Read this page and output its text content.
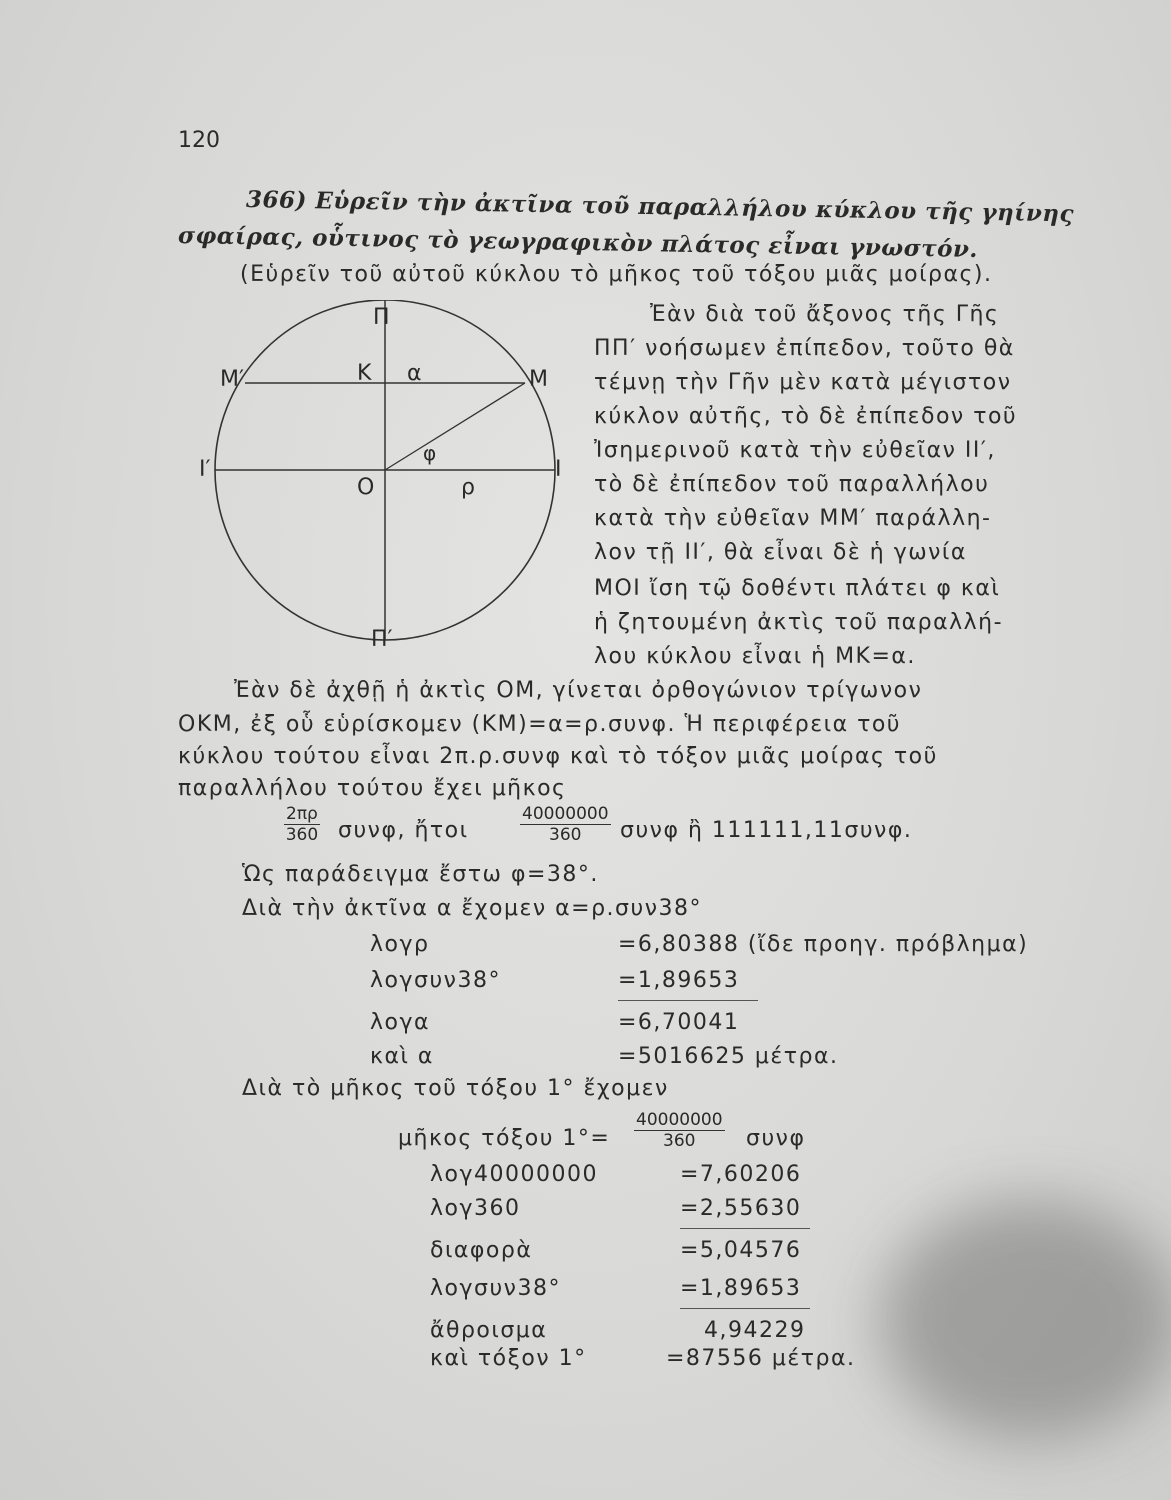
120
366) Εὑρεῖν τὴν ἀκτῖνα τοῦ παραλλήλου κύκλου τῆς γηίνης
σφαίρας, οὗτινος τὸ γεωγραφικὸν πλάτος εἶναι γνωστόν.
(Εὑρεῖν τοῦ αὐτοῦ κύκλου τὸ μῆκος τοῦ τόξου μιᾶς μοίρας).
Π
Π′
Μ′	Κ α	Μ
Ι′	Ι
φ
Ο	ρ
Ἐὰν διὰ τοῦ ἄξονος τῆς Γῆς
ΠΠ′ νοήσωμεν ἐπίπεδον, τοῦτο θὰ
τέμνῃ τὴν Γῆν μὲν κατὰ μέγιστον
κύκλον αὐτῆς, τὸ δὲ ἐπίπεδον τοῦ
Ἰσημερινοῦ κατὰ τὴν εὐθεῖαν ΙΙ′,
τὸ δὲ ἐπίπεδον τοῦ παραλλήλου
κατὰ τὴν εὐθεῖαν ΜΜ′ παράλλη-
λον τῇ ΙΙ′, θὰ εἶναι δὲ ἡ γωνία
ΜΟΙ ἴση τῷ δοθέντι πλάτει φ καὶ
ἡ ζητουμένη ἀκτὶς τοῦ παραλλή-
λου κύκλου εἶναι ἡ ΜΚ=α.
Ἐὰν δὲ ἀχθῇ ἡ ἀκτὶς ΟΜ, γίνεται ὀρθογώνιον τρίγωνον
ΟΚΜ, ἐξ οὗ εὑρίσκομεν (ΚΜ)=α=ρ.συνφ. Ἡ περιφέρεια τοῦ
κύκλου τούτου εἶναι 2π.ρ.συνφ καὶ τὸ τόξον μιᾶς μοίρας τοῦ
παραλλήλου τούτου ἔχει μῆκος
$\frac{2\pi\rho}{360} \sigma\upsilon\nu\varphi$, ἤτοι	$\frac{40000000}{360}$ συνφ ἢ 111111,11συνφ.
Ὡς παράδειγμα ἔστω φ=38°.
Διὰ τὴν ἀκτῖνα α ἔχομεν α=ρ.συν38°
λογρ	=6,80388 (ἴδε προηγ. πρόβλημα)
λογσυν38°	=1,89653
λογα	=6,70041
καὶ α	=5016625 μέτρα.
Διὰ τὸ μῆκος τοῦ τόξου 1° ἔχομεν
μῆκος τόξου $1^\circ= \frac{40000000}{360}$ συνφ
λογ40000000	=7,60206
λογ360	=2,55630
διαφορὰ	=5,04576
λογσυν38°	=1,89653
ἄθροισμα	4,94229
καὶ τόξον 1°	=87556 μέτρα.
